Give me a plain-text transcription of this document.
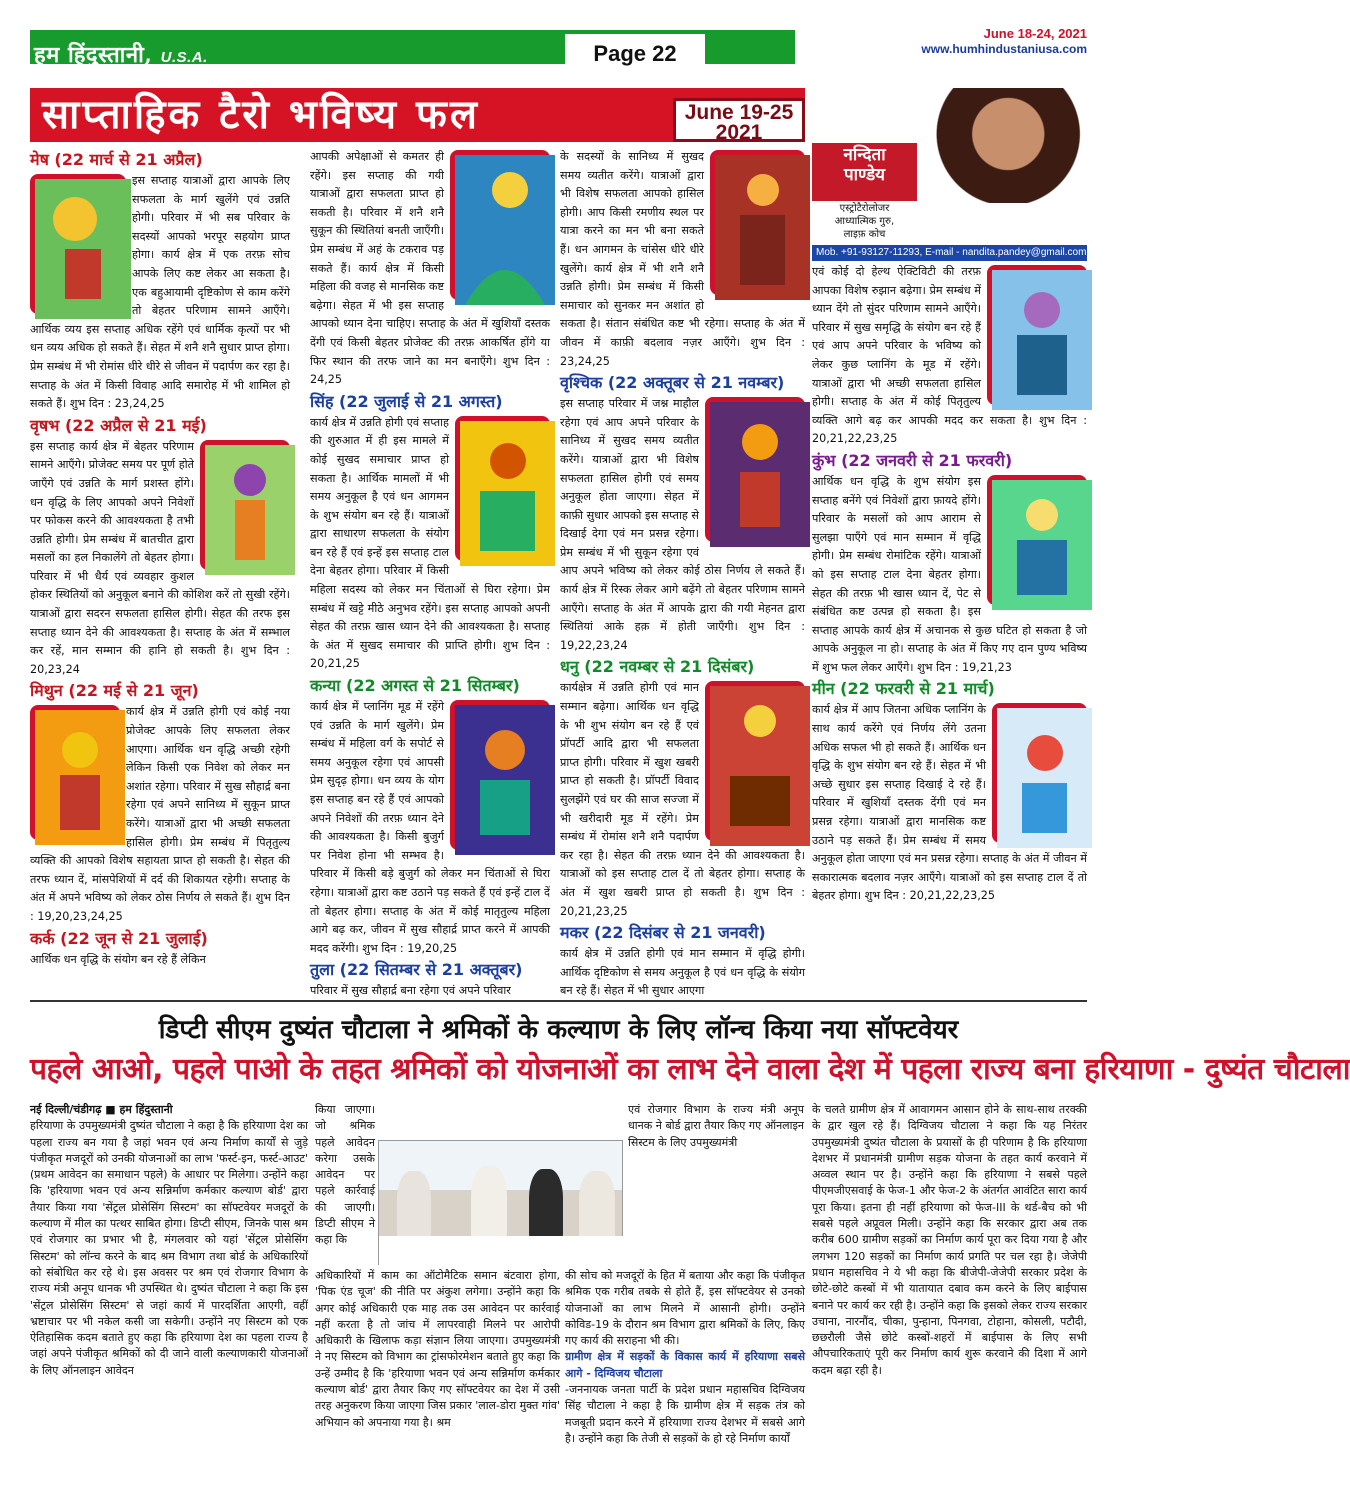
हम हिंदुस्तानी, U.S.A.	Page 22
June 18-24, 2021
www.humhindustaniusa.com
साप्ताहिक टैरो भविष्य फल	June 19-25
2021
नन्दिता
पाण्डेय
एस्ट्रोटैरोलोजर
आध्यात्मिक गुरु,
लाइफ़ कोच
Mob. +91-93127-11293, E-mail - nandita.pandey@gmail.com
मेष (22 मार्च से 21 अप्रैल)

इस सप्ताह यात्राओं द्वारा आपके लिए सफलता के मार्ग खुलेंगे एवं उन्नति होगी। परिवार में भी सब परिवार के सदस्यों आपको भरपूर सहयोग प्राप्त होगा। कार्य क्षेत्र में एक तरफ़ सोच आपके लिए कष्ट लेकर आ सकता है। एक बहुआयामी दृष्टिकोण से काम करेंगे तो बेहतर परिणाम सामने आएँगे। आर्थिक व्यय इस सप्ताह अधिक रहेंगे एवं धार्मिक कृत्यों पर भी धन व्यय अधिक हो सकते हैं। सेहत में शनै शनै सुधार प्राप्त होगा। प्रेम सम्बंध में भी रोमांस धीरे धीरे से जीवन में पदार्पण कर रहा है। सप्ताह के अंत में किसी विवाह आदि समारोह में भी शामिल हो सकते हैं। शुभ दिन : 23,24,25

वृषभ (22 अप्रैल से 21 मई)

इस सप्ताह कार्य क्षेत्र में बेहतर परिणाम सामने आएँगे। प्रोजेक्ट समय पर पूर्ण होते जाएँगे एवं उन्नति के मार्ग प्रशस्त होंगे। धन वृद्धि के लिए आपको अपने निवेशों पर फोकस करने की आवश्यकता है तभी उन्नति होगी। प्रेम सम्बंध में बातचीत द्वारा मसलों का हल निकालेंगे तो बेहतर होगा। परिवार में भी धैर्य एवं व्यवहार कुशल होकर स्थितियों को अनुकूल बनाने की कोशिश करें तो सुखी रहेंगे। यात्राओं द्वारा सदरन सफलता हासिल होगी। सेहत की तरफ इस सप्ताह ध्यान देने की आवश्यकता है। सप्ताह के अंत में सम्भाल कर रहें, मान सम्मान की हानि हो सकती है। शुभ दिन : 20,23,24

मिथुन (22 मई से 21 जून)

कार्य क्षेत्र में उन्नति होगी एवं कोई नया प्रोजेक्ट आपके लिए सफलता लेकर आएगा। आर्थिक धन वृद्धि अच्छी रहेगी लेकिन किसी एक निवेश को लेकर मन अशांत रहेगा। परिवार में सुख सौहार्द्र बना रहेगा एवं अपने सानिध्य में सुकून प्राप्त करेंगे। यात्राओं द्वारा भी अच्छी सफलता हासिल होगी। प्रेम सम्बंध में पितृतुल्य व्यक्ति की आपको विशेष सहायता प्राप्त हो सकती है। सेहत की तरफ ध्यान दें, मांसपेशियों में दर्द की शिकायत रहेगी। सप्ताह के अंत में अपने भविष्य को लेकर ठोस निर्णय ले सकते हैं। शुभ दिन : 19,20,23,24,25

कर्क (22 जून से 21 जुलाई)

आर्थिक धन वृद्धि के संयोग बन रहे हैं लेकिन

आपकी अपेक्षाओं से कमतर ही रहेंगे। इस सप्ताह की गयी यात्राओं द्वारा सफलता प्राप्त हो सकती है। परिवार में शनै शनै सुकून की स्थितियां बनती जाएँगी। प्रेम सम्बंध में अहं के टकराव पड़ सकते हैं। कार्य क्षेत्र में किसी महिला की वजह से मानसिक कष्ट बढ़ेगा। सेहत में भी इस सप्ताह आपको ध्यान देना चाहिए। सप्ताह के अंत में खुशियाँ दस्तक देंगी एवं किसी बेहतर प्रोजेक्ट की तरफ़ आकर्षित होंगे या फिर स्थान की तरफ जाने का मन बनाएँगे। शुभ दिन : 24,25

सिंह (22 जुलाई से 21 अगस्त)

कार्य क्षेत्र में उन्नति होगी एवं सप्ताह की शुरुआत में ही इस मामले में कोई सुखद समाचार प्राप्त हो सकता है। आर्थिक मामलों में भी समय अनुकूल है एवं धन आगमन के शुभ संयोग बन रहे हैं। यात्राओं द्वारा साधारण सफलता के संयोग बन रहे हैं एवं इन्हें इस सप्ताह टाल देना बेहतर होगा। परिवार में किसी महिला सदस्य को लेकर मन चिंताओं से घिरा रहेगा। प्रेम सम्बंध में खट्टे मीठे अनुभव रहेंगे। इस सप्ताह आपको अपनी सेहत की तरफ़ खास ध्यान देने की आवश्यकता है। सप्ताह के अंत में सुखद समाचार की प्राप्ति होगी। शुभ दिन : 20,21,25

कन्या (22 अगस्त से 21 सितम्बर)

कार्य क्षेत्र में प्लानिंग मूड में रहेंगे एवं उन्नति के मार्ग खुलेंगे। प्रेम सम्बंध में महिला वर्ग के सपोर्ट से समय अनुकूल रहेगा एवं आपसी प्रेम सुदृढ़ होगा। धन व्यय के योग इस सप्ताह बन रहे हैं एवं आपको अपने निवेशों की तरफ़ ध्यान देने की आवश्यकता है। किसी बुजुर्ग पर निवेश होना भी सम्भव है। परिवार में किसी बड़े बुजुर्ग को लेकर मन चिंताओं से घिरा रहेगा। यात्राओं द्वारा कष्ट उठाने पड़ सकते हैं एवं इन्हें टाल दें तो बेहतर होगा। सप्ताह के अंत में कोई मातृतुल्य महिला आगे बढ़ कर, जीवन में सुख सौहार्द्र प्राप्त करने में आपकी मदद करेंगी। शुभ दिन : 19,20,25

तुला (22 सितम्बर से 21 अक्तूबर)

परिवार में सुख सौहार्द्र बना रहेगा एवं अपने परिवार

के सदस्यों के सानिध्य में सुखद समय व्यतीत करेंगे। यात्राओं द्वारा भी विशेष सफलता आपको हासिल होगी। आप किसी रमणीय स्थल पर यात्रा करने का मन भी बना सकते हैं। धन आगमन के चांसेस धीरे धीरे खुलेंगे। कार्य क्षेत्र में भी शनै शनै उन्नति होगी। प्रेम सम्बंध में किसी समाचार को सुनकर मन अशांत हो सकता है। संतान संबंधित कष्ट भी रहेगा। सप्ताह के अंत में जीवन में काफ़ी बदलाव नज़र आएँगे। शुभ दिन : 23,24,25

वृश्चिक (22 अक्तूबर से 21 नवम्बर)

इस सप्ताह परिवार में जश्न माहौल रहेगा एवं आप अपने परिवार के सानिध्य में सुखद समय व्यतीत करेंगे। यात्राओं द्वारा भी विशेष सफलता हासिल होगी एवं समय अनुकूल होता जाएगा। सेहत में काफ़ी सुधार आपको इस सप्ताह से दिखाई देगा एवं मन प्रसन्न रहेगा। प्रेम सम्बंध में भी सुकून रहेगा एवं आप अपने भविष्य को लेकर कोई ठोस निर्णय ले सकते हैं। कार्य क्षेत्र में रिस्क लेकर आगे बढ़ेंगे तो बेहतर परिणाम सामने आएँगे। सप्ताह के अंत में आपके द्वारा की गयी मेहनत द्वारा स्थितियां आके हक़ में होती जाएँगी। शुभ दिन : 19,22,23,24

धनु (22 नवम्बर से 21 दिसंबर)

कार्यक्षेत्र में उन्नति होगी एवं मान सम्मान बढ़ेगा। आर्थिक धन वृद्धि के भी शुभ संयोग बन रहे हैं एवं प्रॉपर्टी आदि द्वारा भी सफलता प्राप्त होगी। परिवार में खुश खबरी प्राप्त हो सकती है। प्रॉपर्टी विवाद सुलझेंगे एवं घर की साज सज्जा में भी खरीदारी मूड में रहेंगे। प्रेम सम्बंध में रोमांस शनै शनै पदार्पण कर रहा है। सेहत की तरफ़ ध्यान देने की आवश्यकता है। यात्राओं को इस सप्ताह टाल दें तो बेहतर होगा। सप्ताह के अंत में खुश खबरी प्राप्त हो सकती है। शुभ दिन : 20,21,23,25

मकर (22 दिसंबर से 21 जनवरी)

कार्य क्षेत्र में उन्नति होगी एवं मान सम्मान में वृद्धि होगी। आर्थिक दृष्टिकोण से समय अनुकूल है एवं धन वृद्धि के संयोग बन रहे हैं। सेहत में भी सुधार आएगा

एवं कोई दो हेल्थ ऐक्टिविटी की तरफ़ आपका विशेष रुझान बढ़ेगा। प्रेम सम्बंध में ध्यान देंगे तो सुंदर परिणाम सामने आएँगे। परिवार में सुख समृद्धि के संयोग बन रहे हैं एवं आप अपने परिवार के भविष्य को लेकर कुछ प्लानिंग के मूड में रहेंगे। यात्राओं द्वारा भी अच्छी सफलता हासिल होगी। सप्ताह के अंत में कोई पितृतुल्य व्यक्ति आगे बढ़ कर आपकी मदद कर सकता है। शुभ दिन : 20,21,22,23,25

कुंभ (22 जनवरी से 21 फरवरी)

आर्थिक धन वृद्धि के शुभ संयोग इस सप्ताह बनेंगे एवं निवेशों द्वारा फ़ायदे होंगे। परिवार के मसलों को आप आराम से सुलझा पाएँगे एवं मान सम्मान में वृद्धि होगी। प्रेम सम्बंध रोमांटिक रहेंगे। यात्राओं को इस सप्ताह टाल देना बेहतर होगा। सेहत की तरफ़ भी खास ध्यान दें, पेट से संबंधित कष्ट उत्पन्न हो सकता है। इस सप्ताह आपके कार्य क्षेत्र में अचानक से कुछ घटित हो सकता है जो आपके अनुकूल ना हो। सप्ताह के अंत में किए गए दान पुण्य भविष्य में शुभ फल लेकर आएँगे। शुभ दिन : 19,21,23

मीन (22 फरवरी से 21 मार्च)

कार्य क्षेत्र में आप जितना अधिक प्लानिंग के साथ कार्य करेंगे एवं निर्णय लेंगे उतना अधिक सफल भी हो सकते हैं। आर्थिक धन वृद्धि के शुभ संयोग बन रहे हैं। सेहत में भी अच्छे सुधार इस सप्ताह दिखाई दे रहे हैं। परिवार में खुशियाँ दस्तक देंगी एवं मन प्रसन्न रहेगा। यात्राओं द्वारा मानसिक कष्ट उठाने पड़ सकते हैं। प्रेम सम्बंध में समय अनुकूल होता जाएगा एवं मन प्रसन्न रहेगा। सप्ताह के अंत में जीवन में सकारात्मक बदलाव नज़र आएँगे। यात्राओं को इस सप्ताह टाल दें तो बेहतर होगा। शुभ दिन : 20,21,22,23,25

डिप्टी सीएम दुष्यंत चौटाला ने श्रमिकों के कल्याण के लिए लॉन्च किया नया सॉफ्टवेयर
पहले आओ, पहले पाओ के तहत श्रमिकों को योजनाओं का लाभ देने वाला देश में पहला राज्य बना हरियाणा - दुष्यंत चौटाला

नई दिल्ली/चंडीगढ़ ■ हम हिंदुस्तानी

हरियाणा के उपमुख्यमंत्री दुष्यंत चौटाला ने कहा है कि हरियाणा देश का पहला राज्य बन गया है जहां भवन एवं अन्य निर्माण कार्यों से जुड़े पंजीकृत मजदूरों को उनकी योजनाओं का लाभ 'फर्स्ट-इन, फर्स्ट-आउट' (प्रथम आवेदन का समाधान पहले) के आधार पर मिलेगा। उन्होंने कहा कि 'हरियाणा भवन एवं अन्य सन्निर्माण कर्मकार कल्याण बोर्ड' द्वारा तैयार किया गया 'सेंट्रल प्रोसेसिंग सिस्टम' का सॉफ्टवेयर मजदूरों के कल्याण में मील का पत्थर साबित होगा। डिप्टी सीएम, जिनके पास श्रम एवं रोजगार का प्रभार भी है, मंगलवार को यहां 'सेंट्रल प्रोसेसिंग सिस्टम' को लॉन्च करने के बाद श्रम विभाग तथा बोर्ड के अधिकारियों को संबोधित कर रहे थे। इस अवसर पर श्रम एवं रोजगार विभाग के राज्य मंत्री अनूप धानक भी उपस्थित थे। दुष्यंत चौटाला ने कहा कि इस 'सेंट्रल प्रोसेसिंग सिस्टम' से जहां कार्य में पारदर्शिता आएगी, वहीं भ्रष्टाचार पर भी नकेल कसी जा सकेगी। उन्होंने नए सिस्टम को एक ऐतिहासिक कदम बताते हुए कहा कि हरियाणा देश का पहला राज्य है जहां अपने पंजीकृत श्रमिकों को दी जाने वाली कल्याणकारी योजनाओं के लिए ऑनलाइन आवेदन

किया जाएगा। जो श्रमिक पहले आवेदन करेगा उसके आवेदन पर पहले कार्रवाई की जाएगी। डिप्टी सीएम ने कहा कि

अधिकारियों में काम का ऑटोमैटिक समान बंटवारा होगा, 'पिक एंड चूज' की नीति पर अंकुश लगेगा। उन्होंने कहा कि अगर कोई अधिकारी एक माह तक उस आवेदन पर कार्रवाई नहीं करता है तो जांच में लापरवाही मिलने पर आरोपी अधिकारी के खिलाफ कड़ा संज्ञान लिया जाएगा। उपमुख्यमंत्री ने नए सिस्टम को विभाग का ट्रांसफोरमेशन बताते हुए कहा कि उन्हें उम्मीद है कि 'हरियाणा भवन एवं अन्य सन्निर्माण कर्मकार कल्याण बोर्ड' द्वारा तैयार किए गए सॉफ्टवेयर का देश में उसी तरह अनुकरण किया जाएगा जिस प्रकार 'लाल-डोरा मुक्त गांव' अभियान को अपनाया गया है। श्रम

एवं रोजगार विभाग के राज्य मंत्री अनूप धानक ने बोर्ड द्वारा तैयार किए गए ऑनलाइन सिस्टम के लिए उपमुख्यमंत्री

की सोच को मजदूरों के हित में बताया और कहा कि पंजीकृत श्रमिक एक गरीब तबके से होते हैं, इस सॉफ्टवेयर से उनको योजनाओं का लाभ मिलने में आसानी होगी। उन्होंने कोविड-19 के दौरान श्रम विभाग द्वारा श्रमिकों के लिए, किए गए कार्य की सराहना भी की।

ग्रामीण क्षेत्र में सड़कों के विकास कार्य में हरियाणा सबसे आगे - दिग्विजय चौटाला

-जननायक जनता पार्टी के प्रदेश प्रधान महासचिव दिग्विजय सिंह चौटाला ने कहा है कि ग्रामीण क्षेत्र में सड़क तंत्र को मजबूती प्रदान करने में हरियाणा राज्य देशभर में सबसे आगे है। उन्होंने कहा कि तेजी से सड़कों के हो रहे निर्माण कार्यों

के चलते ग्रामीण क्षेत्र में आवागमन आसान होने के साथ-साथ तरक्की के द्वार खुल रहे हैं। दिग्विजय चौटाला ने कहा कि यह निरंतर उपमुख्यमंत्री दुष्यंत चौटाला के प्रयासों के ही परिणाम है कि हरियाणा देशभर में प्रधानमंत्री ग्रामीण सड़क योजना के तहत कार्य करवाने में अव्वल स्थान पर है। उन्होंने कहा कि हरियाणा ने सबसे पहले पीएमजीएसवाई के फेज-1 और फेज-2 के अंतर्गत आवंटित सारा कार्य पूरा किया। इतना ही नहीं हरियाणा को फेज-III के थर्ड-बैच को भी सबसे पहले अप्रूवल मिली। उन्होंने कहा कि सरकार द्वारा अब तक करीब 600 ग्रामीण सड़कों का निर्माण कार्य पूरा कर दिया गया है और लगभग 120 सड़कों का निर्माण कार्य प्रगति पर चल रहा है। जेजेपी प्रधान महासचिव ने ये भी कहा कि बीजेपी-जेजेपी सरकार प्रदेश के छोटे-छोटे कस्बों में भी यातायात दबाव कम करने के लिए बाईपास बनाने पर कार्य कर रही है। उन्होंने कहा कि इसको लेकर राज्य सरकार उचाना, नारनौंद, चीका, पुन्हाना, पिनगवा, टोहाना, कोसली, पटौदी, छछरौली जैसे छोटे कस्बों-शहरों में बाईपास के लिए सभी औपचारिकताएं पूरी कर निर्माण कार्य शुरू करवाने की दिशा में आगे कदम बढ़ा रही है।
